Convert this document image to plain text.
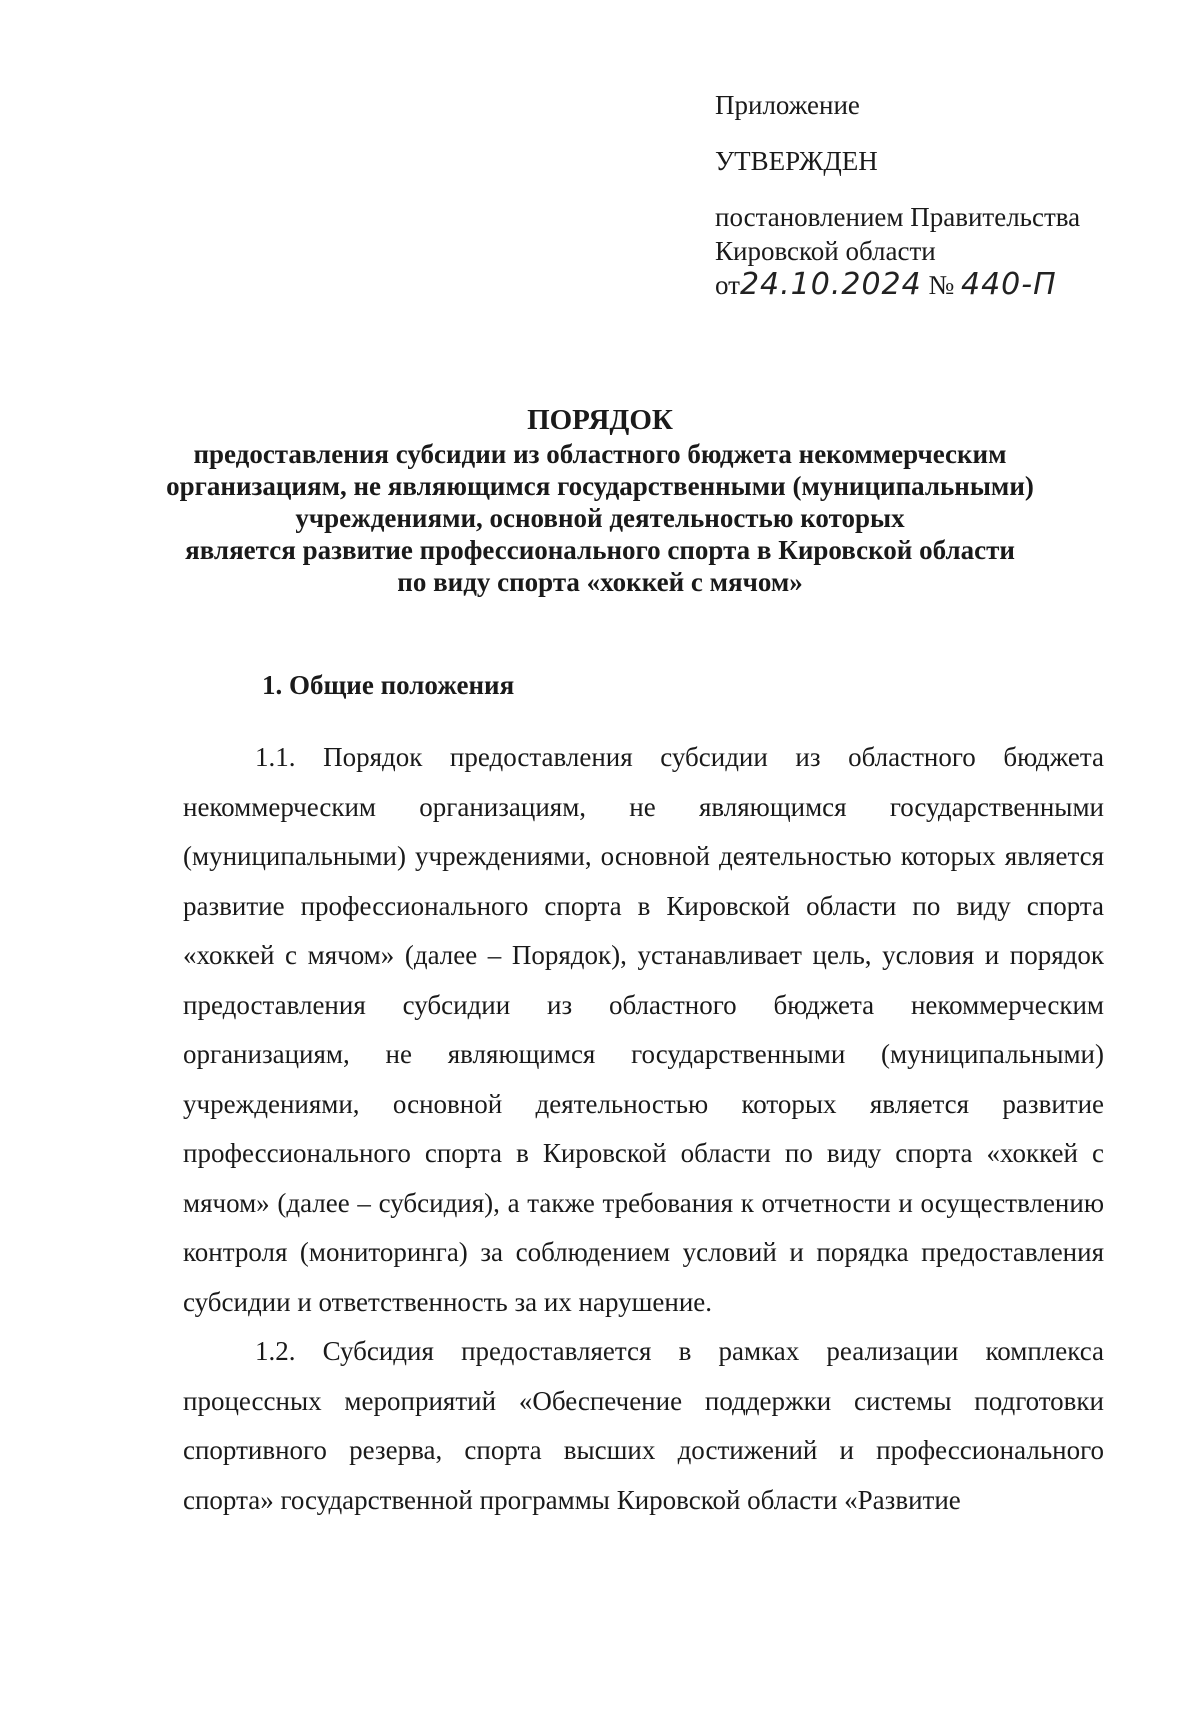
Приложение

УТВЕРЖДЕН

постановлением Правительства

Кировской области

от24.10.2024 № 440-П

ПОРЯДОК

предоставления субсидии из областного бюджета некоммерческим

организациям, не являющимся государственными (муниципальными)

учреждениями, основной деятельностью которых

является развитие профессионального спорта в Кировской области

по виду спорта «хоккей с мячом»

1. Общие положения

1.1. Порядок предоставления субсидии из областного бюджета некоммерческим организациям, не являющимся государственными (муниципальными) учреждениями, основной деятельностью которых является развитие профессионального спорта в Кировской области по виду спорта «хоккей с мячом» (далее – Порядок), устанавливает цель, условия и порядок предоставления субсидии из областного бюджета некоммерческим организациям, не являющимся государственными (муниципальными) учреждениями, основной деятельностью которых является развитие профессионального спорта в Кировской области по виду спорта «хоккей с мячом» (далее – субсидия), а также требования к отчетности и осуществлению контроля (мониторинга) за соблюдением условий и порядка предоставления субсидии и ответственность за их нарушение.

1.2. Субсидия предоставляется в рамках реализации комплекса процессных мероприятий «Обеспечение поддержки системы подготовки спортивного резерва, спорта высших достижений и профессионального спорта» государственной программы Кировской области «Развитие
